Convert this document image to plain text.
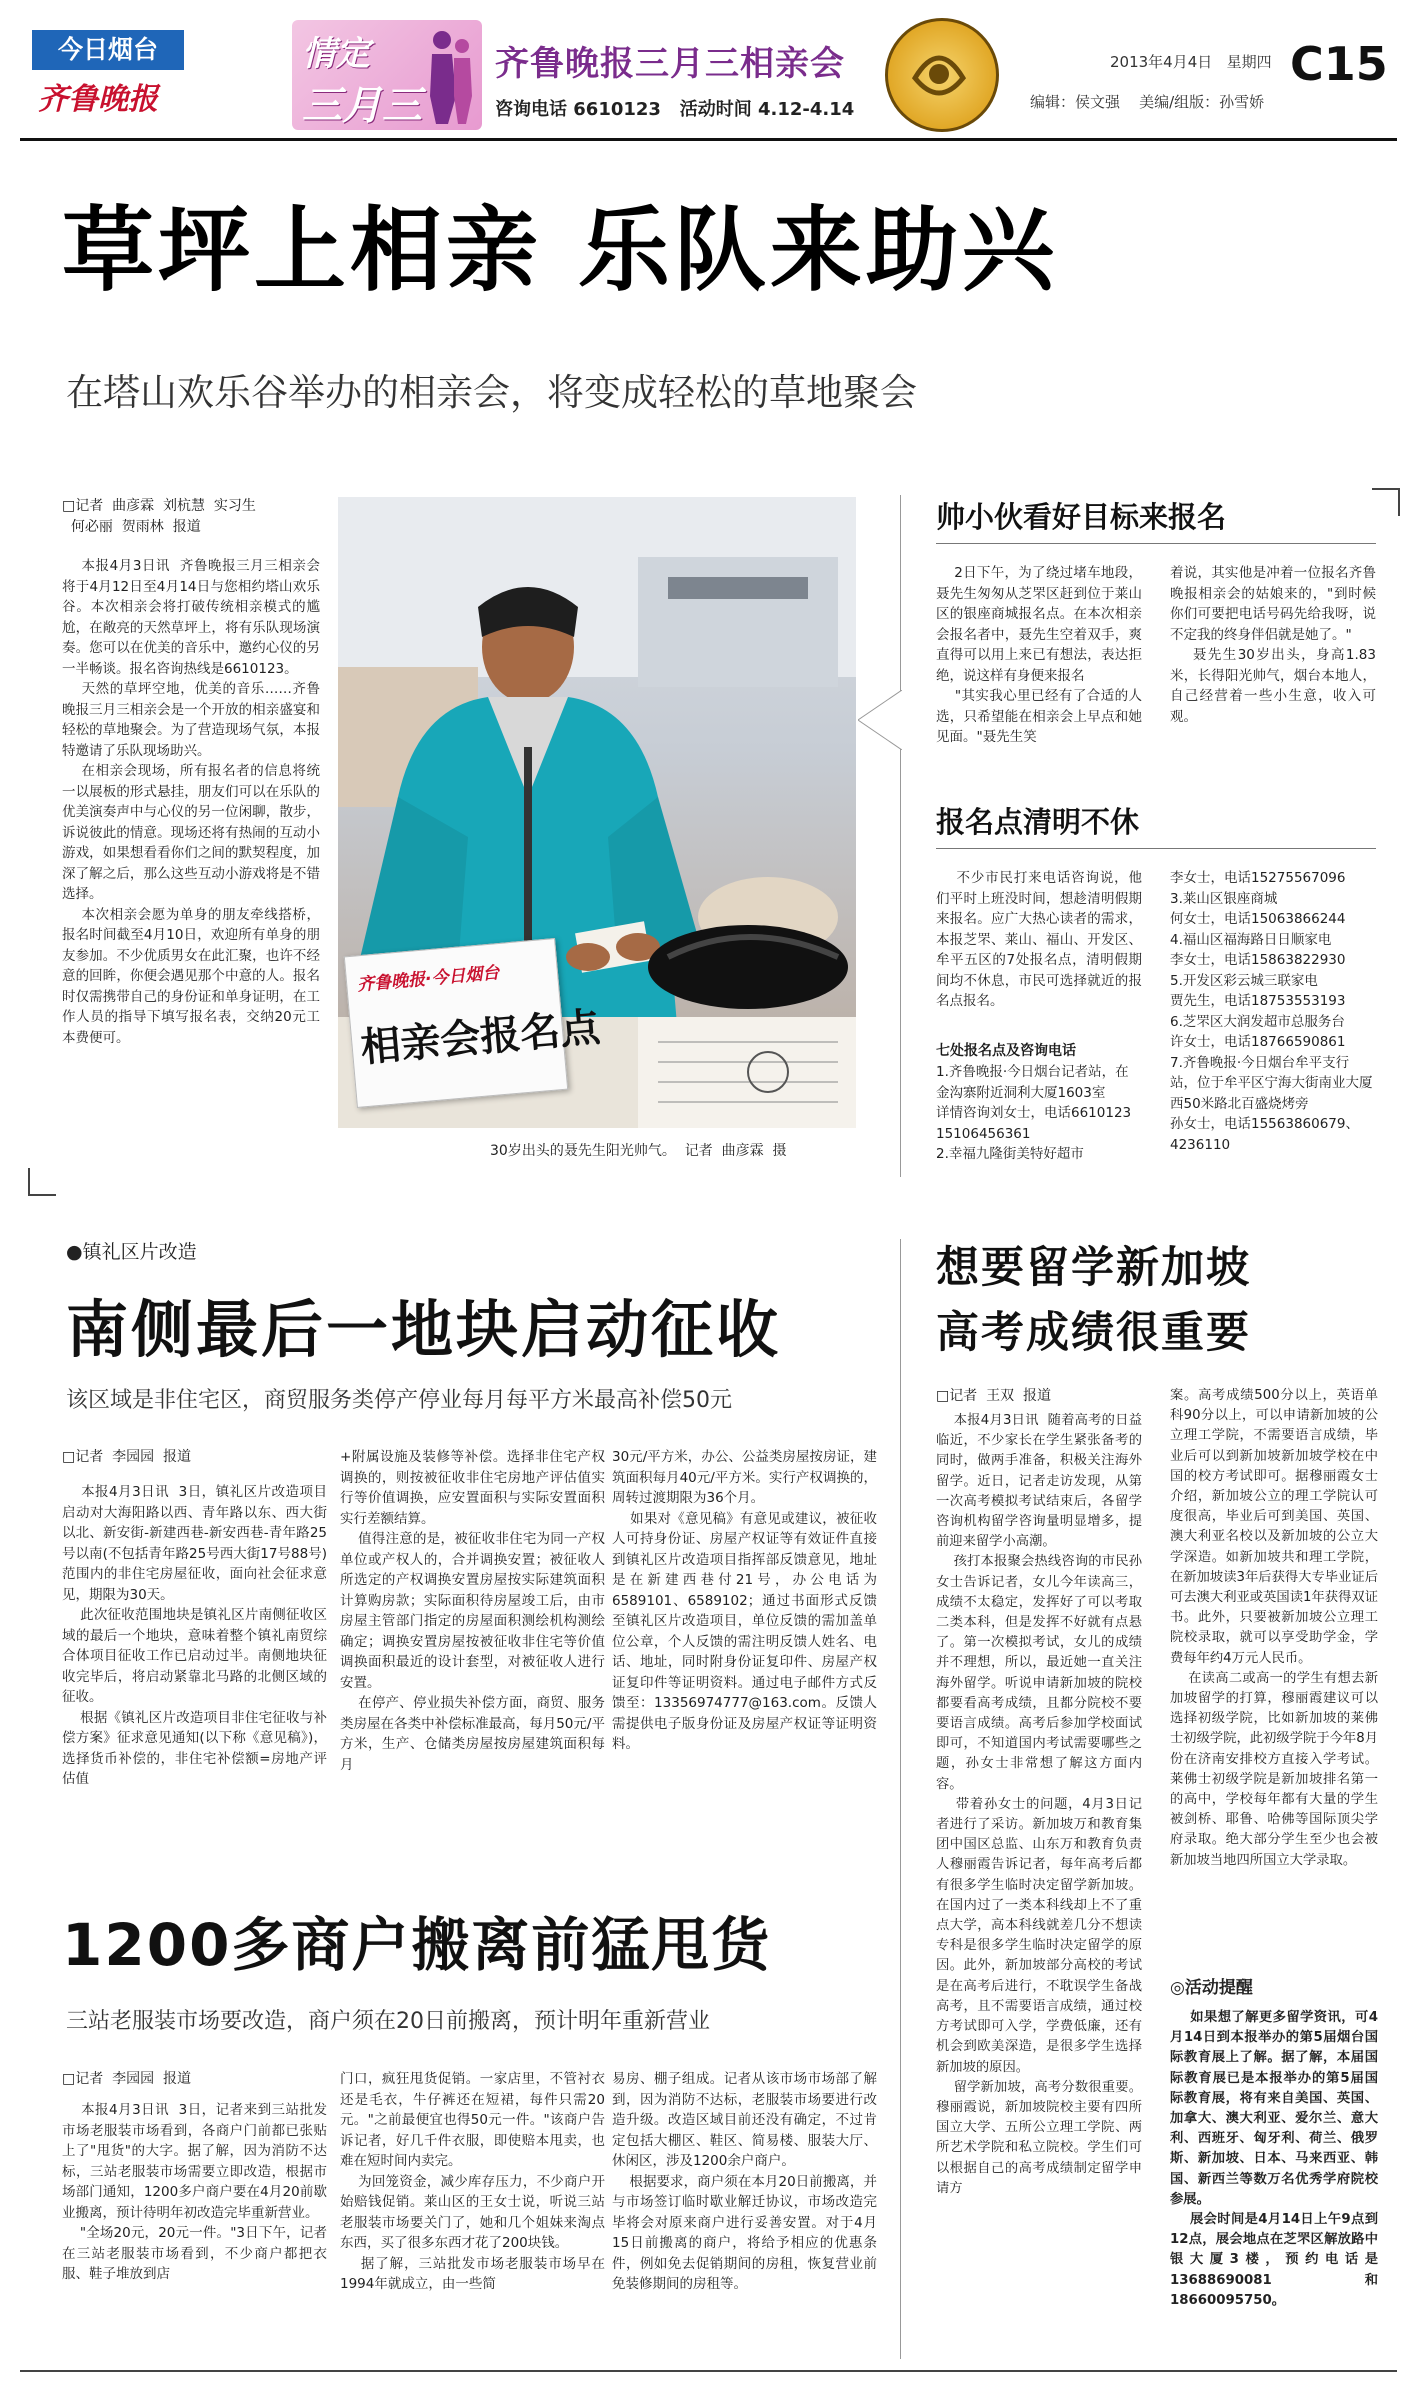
今日烟台
齐鲁晚报
情定
三月三
齐鲁晚报三月三相亲会
咨询电话 6610123   活动时间 4.12-4.14
2013年4月4日   星期四 C15
编辑：侯文强    美编/组版：孙雪娇
草坪上相亲 乐队来助兴
在塔山欢乐谷举办的相亲会，将变成轻松的草地聚会
□记者  曲彦霖  刘杭慧  实习生
何必丽  贺雨林  报道
本报4月3日讯  齐鲁晚报三月三相亲会将于4月12日至4月14日与您相约塔山欢乐谷。本次相亲会将打破传统相亲模式的尴尬，在敞亮的天然草坪上，将有乐队现场演奏。您可以在优美的音乐中，邀约心仪的另一半畅谈。报名咨询热线是6610123。
天然的草坪空地，优美的音乐……齐鲁晚报三月三相亲会是一个开放的相亲盛宴和轻松的草地聚会。为了营造现场气氛，本报特邀请了乐队现场助兴。
在相亲会现场，所有报名者的信息将统一以展板的形式悬挂，朋友们可以在乐队的优美演奏声中与心仪的另一位闲聊，散步，诉说彼此的情意。现场还将有热闹的互动小游戏，如果想看看你们之间的默契程度，加深了解之后，那么这些互动小游戏将是不错选择。
本次相亲会愿为单身的朋友牵线搭桥，报名时间截至4月10日，欢迎所有单身的朋友参加。不少优质男女在此汇聚，也许不经意的回眸，你便会遇见那个中意的人。报名时仅需携带自己的身份证和单身证明，在工作人员的指导下填写报名表，交纳20元工本费便可。
齐鲁晚报·今日烟台
相亲会报名点
30岁出头的聂先生阳光帅气。  记者  曲彦霖  摄
帅小伙看好目标来报名
2日下午，为了绕过堵车地段，聂先生匆匆从芝罘区赶到位于莱山区的银座商城报名点。在本次相亲会报名者中，聂先生空着双手，爽直得可以用上来已有想法，表达拒绝，说这样有身便来报名
"其实我心里已经有了合适的人选，只希望能在相亲会上早点和她见面。"聂先生笑
着说，其实他是冲着一位报名齐鲁晚报相亲会的姑娘来的，"到时候你们可要把电话号码先给我呀，说不定我的终身伴侣就是她了。"
聂先生30岁出头，身高1.83米，长得阳光帅气，烟台本地人，自己经营着一些小生意，收入可观。
报名点清明不休
不少市民打来电话咨询说，他们平时上班没时间，想趁清明假期来报名。应广大热心读者的需求，本报芝罘、莱山、福山、开发区、牟平五区的7处报名点，清明假期间均不休息，市民可选择就近的报名点报名。
七处报名点及咨询电话
1.齐鲁晚报·今日烟台记者站，在金沟寨附近洞利大厦1603室
详情咨询刘女士，电话6610123 15106456361
2.幸福九隆街美特好超市
李女士，电话15275567096
3.莱山区银座商城
何女士，电话15063866244
4.福山区福海路日日顺家电
李女士，电话15863822930
5.开发区彩云城三联家电
贾先生，电话18753553193
6.芝罘区大润发超市总服务台
许女士，电话18766590861
7.齐鲁晚报·今日烟台牟平支行站，位于牟平区宁海大街南业大厦西50米路北百盛烧烤旁
孙女士，电话15563860679、4236110
●镇礼区片改造
南侧最后一地块启动征收
该区域是非住宅区，商贸服务类停产停业每月每平方米最高补偿50元
□记者  李园园  报道
本报4月3日讯  3日，镇礼区片改造项目启动对大海阳路以西、青年路以东、西大街以北、新安街-新建西巷-新安西巷-青年路25号以南(不包括青年路25号西大街17号88号)范围内的非住宅房屋征收，面向社会征求意见，期限为30天。
此次征收范围地块是镇礼区片南侧征收区域的最后一个地块，意味着整个镇礼南贸综合体项目征收工作已启动过半。南侧地块征收完毕后，将启动紧靠北马路的北侧区域的征收。
根据《镇礼区片改造项目非住宅征收与补偿方案》征求意见通知(以下称《意见稿》)，选择货币补偿的，非住宅补偿额=房地产评估值
+附属设施及装修等补偿。选择非住宅产权调换的，则按被征收非住宅房地产评估值实行等价值调换，应安置面积与实际安置面积实行差额结算。
值得注意的是，被征收非住宅为同一产权单位或产权人的，合并调换安置；被征收人所选定的产权调换安置房屋按实际建筑面积计算购房款；实际面积待房屋竣工后，由市房屋主管部门指定的房屋面积测绘机构测绘确定；调换安置房屋按被征收非住宅等价值调换面积最近的设计套型，对被征收人进行安置。
在停产、停业损失补偿方面，商贸、服务类房屋在各类中补偿标准最高，每月50元/平方米，生产、仓储类房屋按房屋建筑面积每月
30元/平方米，办公、公益类房屋按房证，建筑面积每月40元/平方米。实行产权调换的，周转过渡期限为36个月。
如果对《意见稿》有意见或建议，被征收人可持身份证、房屋产权证等有效证件直接到镇礼区片改造项目指挥部反馈意见，地址是在新建西巷付21号，办公电话为6589101、6589102；通过书面形式反馈至镇礼区片改造项目，单位反馈的需加盖单位公章，个人反馈的需注明反馈人姓名、电话、地址，同时附身份证复印件、房屋产权证复印件等证明资料。通过电子邮件方式反馈至：13356974777@163.com。反馈人需提供电子版身份证及房屋产权证等证明资料。
1200多商户搬离前猛甩货
三站老服装市场要改造，商户须在20日前搬离，预计明年重新营业
□记者  李园园  报道
本报4月3日讯  3日，记者来到三站批发市场老服装市场看到，各商户门前都已张贴上了"甩货"的大字。据了解，因为消防不达标，三站老服装市场需要立即改造，根据市场部门通知，1200多户商户要在4月20前歇业搬离，预计待明年初改造完毕重新营业。
"全场20元，20元一件。"3日下午，记者在三站老服装市场看到，不少商户都把衣服、鞋子堆放到店
门口，疯狂甩货促销。一家店里，不管衬衣还是毛衣，牛仔裤还在短裙，每件只需20元。"之前最便宜也得50元一件。"该商户告诉记者，好几千件衣服，即使赔本甩卖，也难在短时间内卖完。
为回笼资金，减少库存压力，不少商户开始赔钱促销。莱山区的王女士说，听说三站老服装市场要关门了，她和几个姐妹来淘点东西，买了很多东西才花了200块钱。
据了解，三站批发市场老服装市场早在1994年就成立，由一些简
易房、棚子组成。记者从该市场市场部了解到，因为消防不达标，老服装市场要进行改造升级。改造区域目前还没有确定，不过肯定包括大棚区、鞋区、简易楼、服装大厅、休闲区，涉及1200余户商户。
根据要求，商户须在本月20日前搬离，并与市场签订临时歇业解迁协议，市场改造完毕将会对原来商户进行妥善安置。对于4月15日前搬离的商户，将给予相应的优惠条件，例如免去促销期间的房租，恢复营业前免装修期间的房租等。
想要留学新加坡
高考成绩很重要
□记者  王双  报道
本报4月3日讯  随着高考的日益临近，不少家长在学生紧张备考的同时，做两手准备，积极关注海外留学。近日，记者走访发现，从第一次高考模拟考试结束后，各留学咨询机构留学咨询量明显增多，提前迎来留学小高潮。
孩打本报聚会热线咨询的市民孙女士告诉记者，女儿今年读高三，成绩不太稳定，发挥好了可以考取二类本科，但是发挥不好就有点悬了。第一次模拟考试，女儿的成绩并不理想，所以，最近她一直关注海外留学。听说申请新加坡的院校都要看高考成绩，且都分院校不要要语言成绩。高考后参加学校面试即可，不知道国内考试需要哪些之题，孙女士非常想了解这方面内容。
带着孙女士的问题，4月3日记者进行了采访。新加坡万和教育集团中国区总监、山东万和教育负责人穆丽霞告诉记者，每年高考后都有很多学生临时决定留学新加坡。在国内过了一类本科线却上不了重点大学，高本科线就差几分不想读专科是很多学生临时决定留学的原因。此外，新加坡部分高校的考试是在高考后进行，不耽误学生备战高考，且不需要语言成绩，通过校方考试即可入学，学费低廉，还有机会到欧美深造，是很多学生选择新加坡的原因。
留学新加坡，高考分数很重要。穆丽霞说，新加坡院校主要有四所国立大学、五所公立理工学院、两所艺术学院和私立院校。学生们可以根据自己的高考成绩制定留学申请方
案。高考成绩500分以上，英语单科90分以上，可以申请新加坡的公立理工学院，不需要语言成绩，毕业后可以到新加坡新加坡学校在中国的校方考试即可。据穆丽霞女士介绍，新加坡公立的理工学院认可度很高，毕业后可到美国、英国、澳大利亚名校以及新加坡的公立大学深造。如新加坡共和理工学院，在新加坡读3年后获得大专毕业证后可去澳大利亚或英国读1年获得双证书。此外，只要被新加坡公立理工院校录取，就可以享受助学金，学费每年约4万元人民币。
在读高二或高一的学生有想去新加坡留学的打算，穆丽霞建议可以选择初级学院，比如新加坡的莱佛士初级学院，此初级学院于今年8月份在济南安排校方直接入学考试。莱佛士初级学院是新加坡排名第一的高中，学校每年都有大量的学生被剑桥、耶鲁、哈佛等国际顶尖学府录取。绝大部分学生至少也会被新加坡当地四所国立大学录取。
◎活动提醒
如果想了解更多留学资讯，可4月14日到本报举办的第5届烟台国际教育展上了解。据了解，本届国际教育展已是本报举办的第5届国际教育展，将有来自美国、英国、加拿大、澳大利亚、爱尔兰、意大利、西班牙、匈牙利、荷兰、俄罗斯、新加坡、日本、马来西亚、韩国、新西兰等数万名优秀学府院校参展。
展会时间是4月14日上午9点到12点，展会地点在芝罘区解放路中银大厦3楼，预约电话是13688690081和18660095750。
